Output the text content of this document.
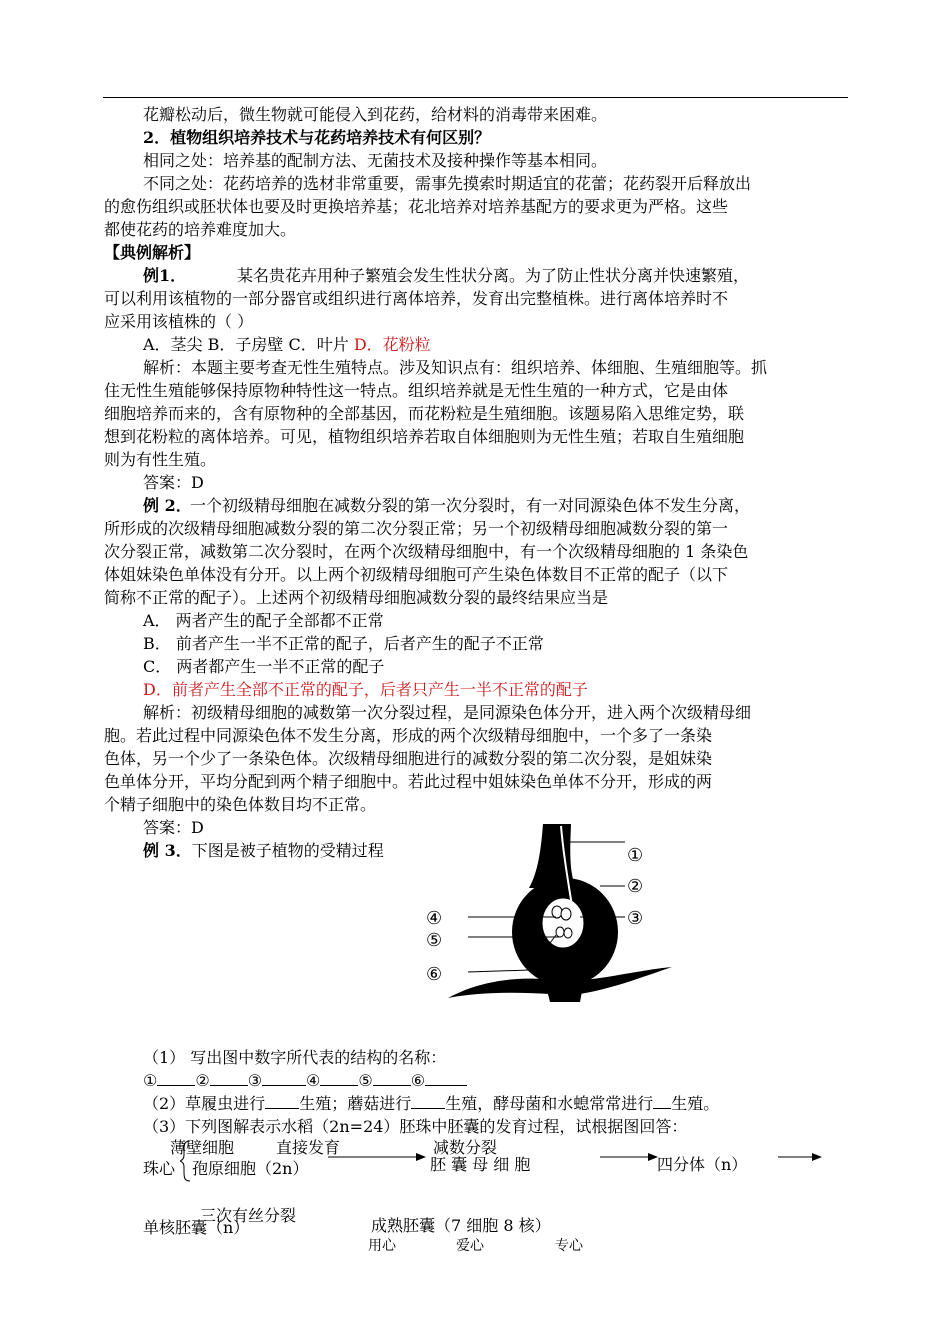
花瓣松动后，微生物就可能侵入到花药，给材料的消毒带来困难。
2．植物组织培养技术与花药培养技术有何区别？
相同之处：培养基的配制方法、无菌技术及接种操作等基本相同。
不同之处：花药培养的选材非常重要，需事先摸索时期适宜的花蕾；花药裂开后释放出
的愈伤组织或胚状体也要及时更换培养基；花北培养对培养基配方的要求更为严格。这些
都使花药的培养难度加大。
【典例解析】
例1．	某名贵花卉用种子繁殖会发生性状分离。为了防止性状分离并快速繁殖，
可以利用该植物的一部分器官或组织进行离体培养，发育出完整植株。进行离体培养时不
应采用该植株的（ ）
A．茎尖 B．子房壁 C．叶片 D．花粉粒
解析：本题主要考查无性生殖特点。涉及知识点有：组织培养、体细胞、生殖细胞等。抓
住无性生殖能够保持原物种特性这一特点。组织培养就是无性生殖的一种方式，它是由体
细胞培养而来的，含有原物种的全部基因，而花粉粒是生殖细胞。该题易陷入思维定势，联
想到花粉粒的离体培养。可见，植物组织培养若取自体细胞则为无性生殖；若取自生殖细胞
则为有性生殖。
答案：D
例 2．
一个初级精母细胞在减数分裂的第一次分裂时，有一对同源染色体不发生分离，
所形成的次级精母细胞减数分裂的第二次分裂正常；另一个初级精母细胞减数分裂的第一
次分裂正常，减数第二次分裂时，在两个次级精母细胞中，有一个次级精母细胞的 1 条染色
体姐妹染色单体没有分开。以上两个初级精母细胞可产生染色体数目不正常的配子（以下
简称不正常的配子）。上述两个初级精母细胞减数分裂的最终结果应当是
A． 两者产生的配子全部都不正常
B． 前者产生一半不正常的配子，后者产生的配子不正常
C． 两者都产生一半不正常的配子
D．前者产生全部不正常的配子，后者只产生一半不正常的配子
解析：初级精母细胞的减数第一次分裂过程，是同源染色体分开，进入两个次级精母细
胞。若此过程中同源染色体不发生分离，形成的两个次级精母细胞中，一个多了一条染
色体，另一个少了一条染色体。次级精母细胞进行的减数分裂的第二次分裂，是姐妹染
色单体分开，平均分配到两个精子细胞中。若此过程中姐妹染色单体不分开，形成的两
个精子细胞中的染色体数目均不正常。
答案：D
例 3．下图是被子植物的受精过程	①
②
③
④
⑤
⑥
（1） 写出图中数字所代表的结构的名称：
① ② ③	④ ⑤ ⑥
（2）草履虫进行 生殖；蘑菇进行 生殖，酵母菌和水螅常常进行 生殖。
（3）下列图解表示水稻（2n=24）胚珠中胚囊的发育过程，试根据图回答：
薄壁细胞	直接发育	减数分裂
珠心 孢原细胞（2n）	胚 囊 母 细 胞	四分体（n）
三次有丝分裂
单核胚囊（n）	成熟胚囊（7 细胞 8 核）
用心	爱心	专心
